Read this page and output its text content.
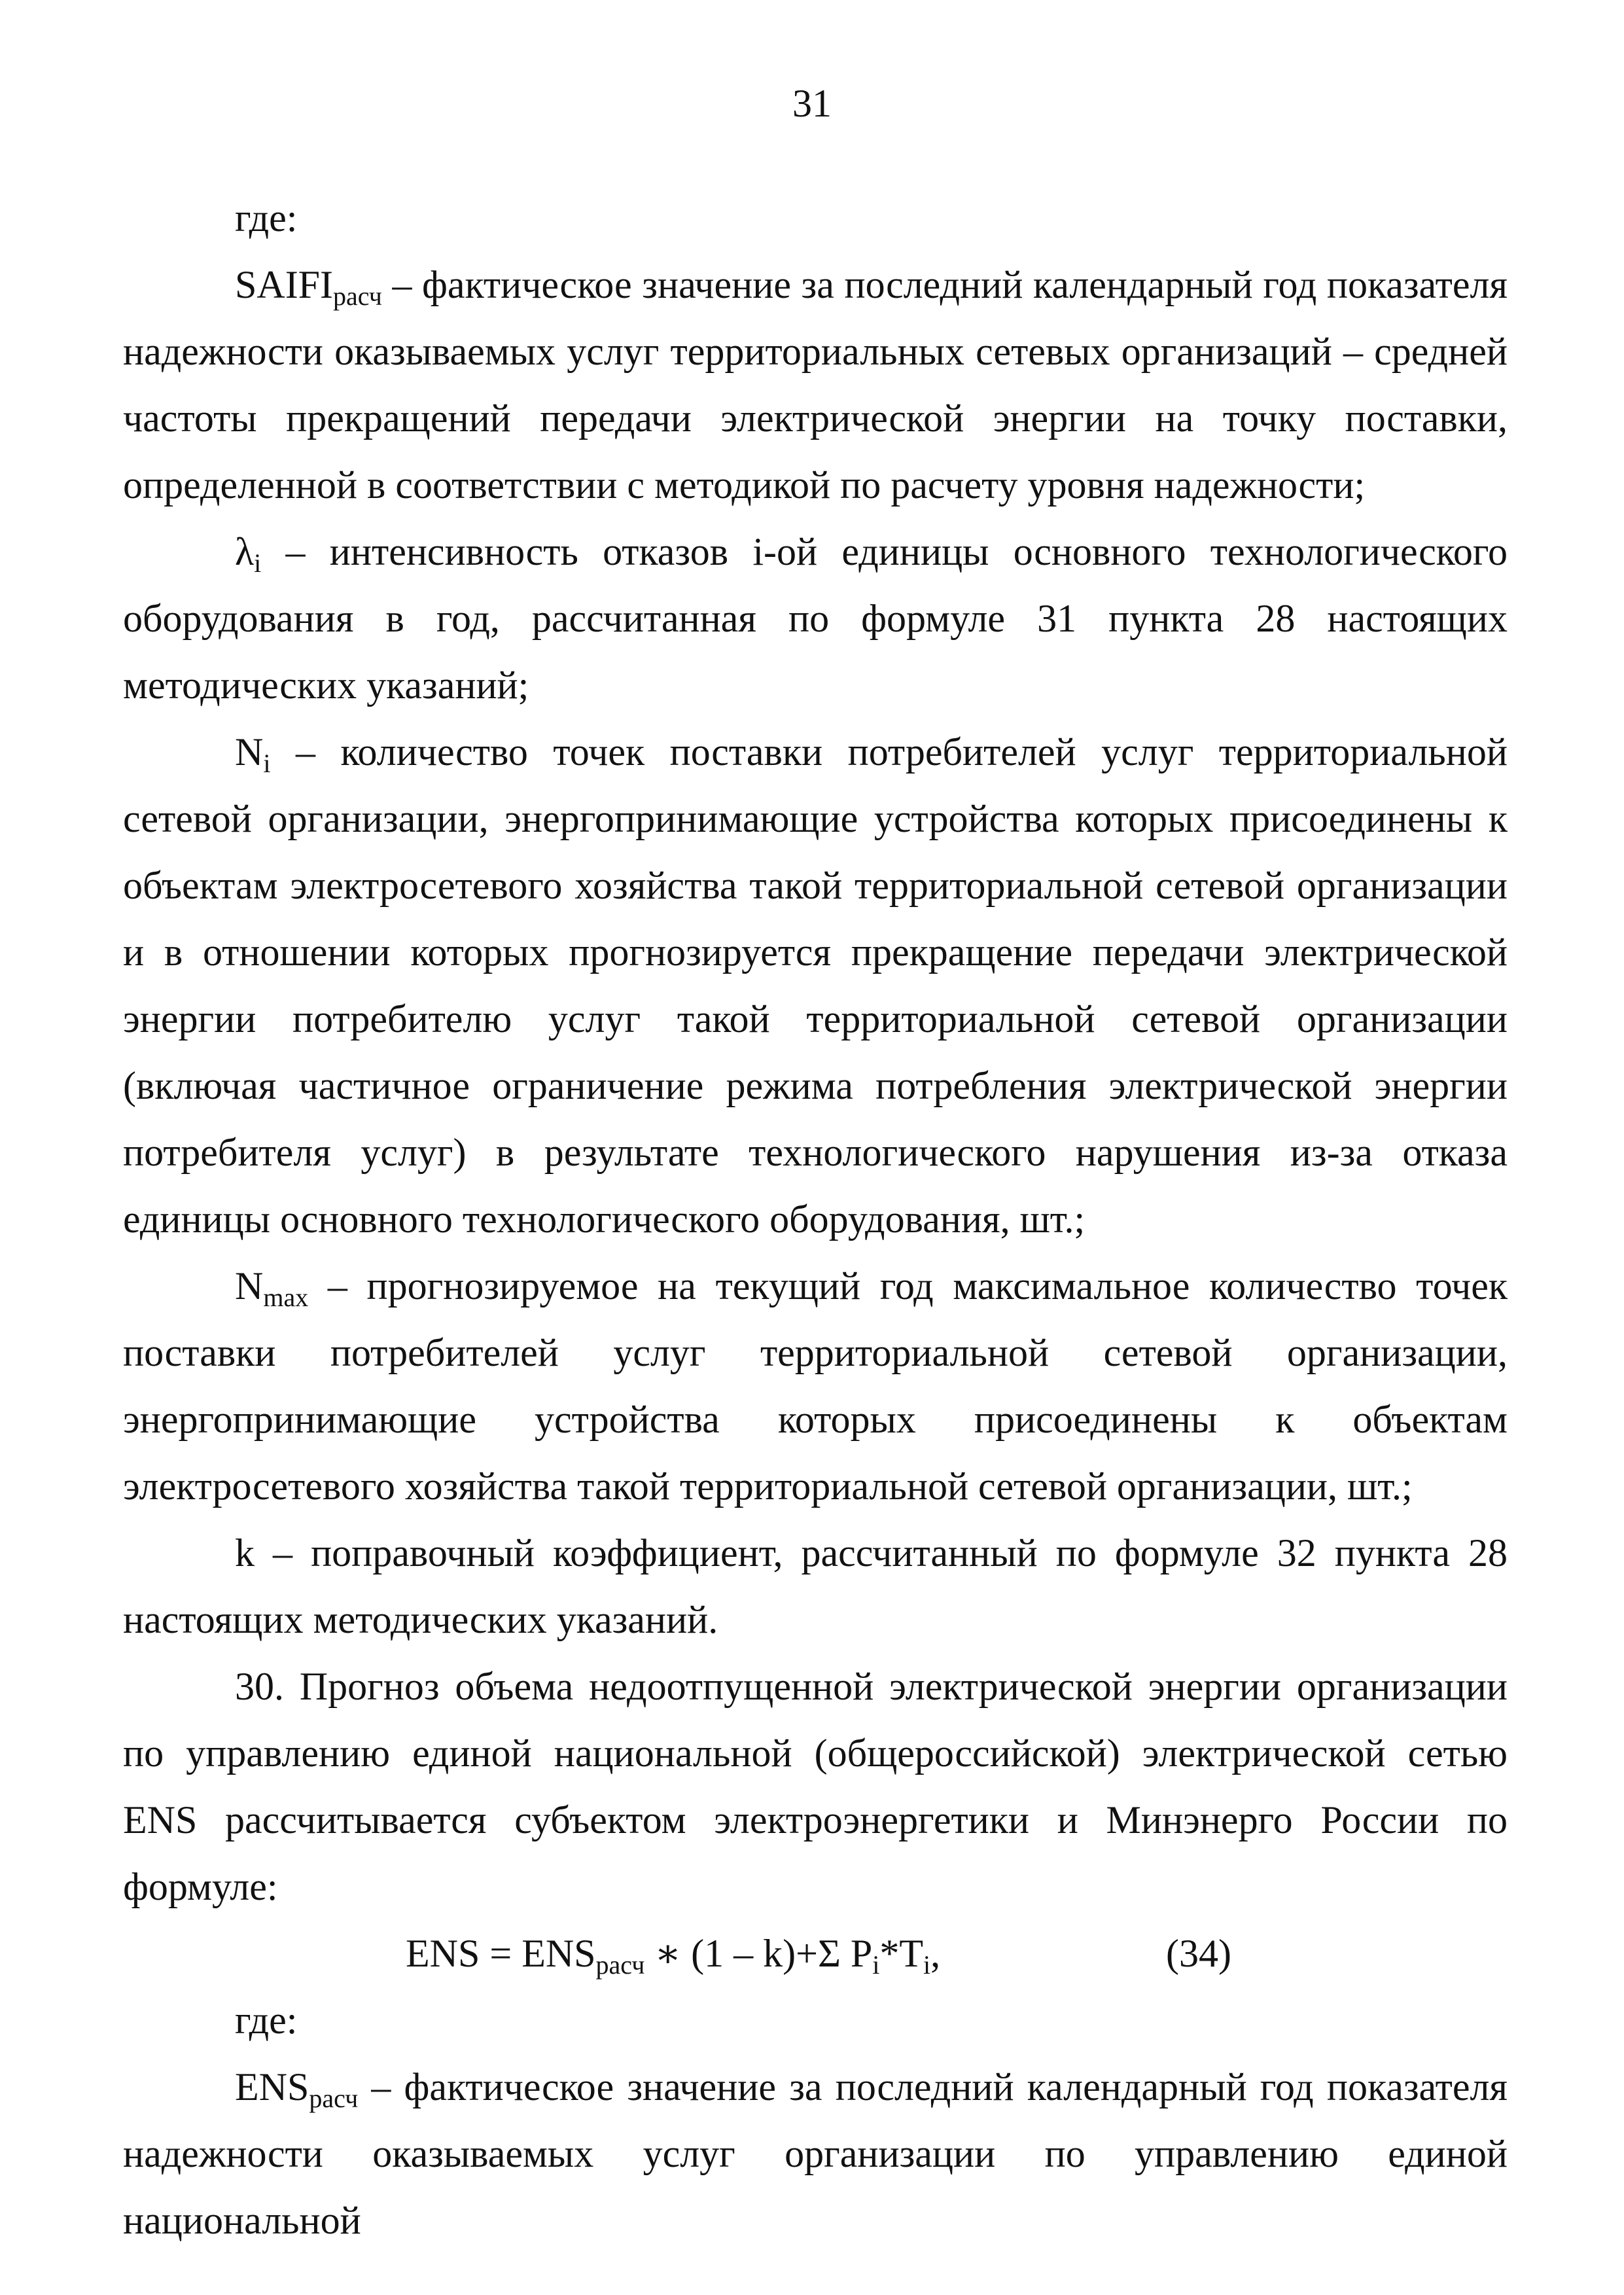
31

где:

$SAIFI_{расч}$ – фактическое значение за последний календарный год показателя надежности оказываемых услуг территориальных сетевых организаций – средней частоты прекращений передачи электрической энергии на точку поставки, определенной в соответствии с методикой по расчету уровня надежности;

$\lambda_i$ – интенсивность отказов i-ой единицы основного технологического оборудования в год, рассчитанная по формуле 31 пункта 28 настоящих методических указаний;

$N_i$ – количество точек поставки потребителей услуг территориальной сетевой организации, энергопринимающие устройства которых присоединены к объектам электросетевого хозяйства такой территориальной сетевой организации и в отношении которых прогнозируется прекращение передачи электрической энергии потребителю услуг такой территориальной сетевой организации (включая частичное ограничение режима потребления электрической энергии потребителя услуг) в результате технологического нарушения из-за отказа единицы основного технологического оборудования, шт.;

$N_{max}$ – прогнозируемое на текущий год максимальное количество точек поставки потребителей услуг территориальной сетевой организации, энергопринимающие устройства которых присоединены к объектам электросетевого хозяйства такой территориальной сетевой организации, шт.;

k – поправочный коэффициент, рассчитанный по формуле 32 пункта 28 настоящих методических указаний.

30. Прогноз объема недоотпущенной электрической энергии организации по управлению единой национальной (общероссийской) электрической сетью ENS рассчитывается субъектом электроэнергетики и Минэнерго России по формуле:

ENS = $ENS_{расч}$ ∗ (1 – k)+Σ $P_i*T_i$,	(34)

где:

$ENS_{расч}$ – фактическое значение за последний календарный год показателя надежности оказываемых услуг организации по управлению единой национальной
